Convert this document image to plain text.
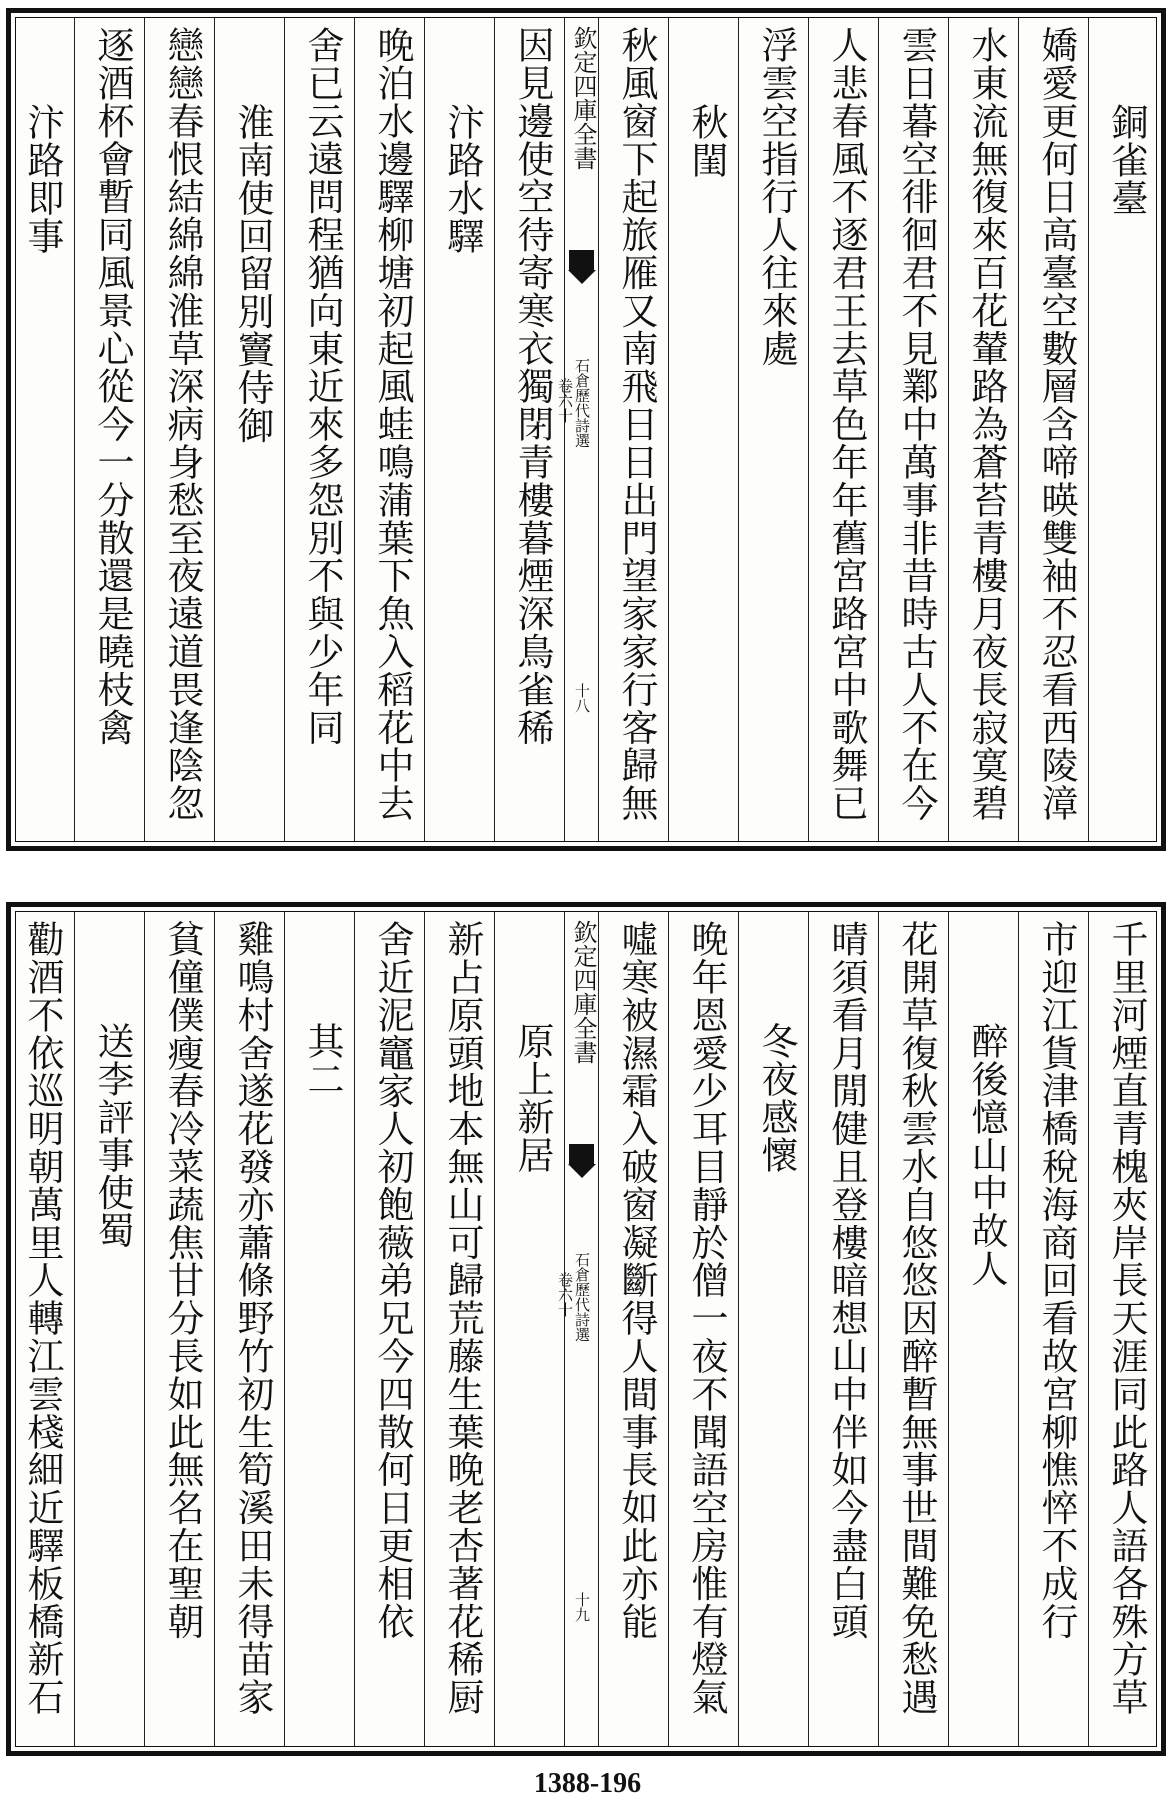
銅雀臺
嬌愛更何日高臺空數層含啼暎雙袖不忍看西陵漳
水東流無復來百花輦路為蒼苔青樓月夜長寂寞碧
雲日暮空徘徊君不見鄴中萬事非昔時古人不在今
人悲春風不逐君王去草色年年舊宮路宮中歌舞已
浮雲空指行人往來處
秋閨
秋風窗下起旅雁又南飛日日出門望家家行客歸無
欽定四庫全書
石倉歷代詩選
卷六十
十八
因見邊使空待寄寒衣獨閉青樓暮煙深鳥雀稀
汴路水驛
晚泊水邊驛柳塘初起風蛙鳴蒲葉下魚入稻花中去
舍已云遠問程猶向東近來多怨別不與少年同
淮南使回留別竇侍御
戀戀春恨結綿綿淮草深病身愁至夜遠道畏逢陰忽
逐酒杯會暫同風景心從今一分散還是曉枝禽
汴路即事
千里河煙直青槐夾岸長天涯同此路人語各殊方草
市迎江貨津橋稅海商回看故宮柳憔悴不成行
醉後憶山中故人
花開草復秋雲水自悠悠因醉暫無事世間難免愁遇
晴須看月閒健且登樓暗想山中伴如今盡白頭
冬夜感懷
晚年恩愛少耳目靜於僧一夜不聞語空房惟有燈氣
噓寒被濕霜入破窗凝斷得人間事長如此亦能
欽定四庫全書
石倉歷代詩選
卷六十
十九
原上新居
新占原頭地本無山可歸荒藤生葉晚老杏著花稀厨
舍近泥竈家人初飽薇弟兄今四散何日更相依
其二
雞鳴村舍遂花發亦蕭條野竹初生筍溪田未得苗家
貧僮僕瘦春冷菜蔬焦甘分長如此無名在聖朝
送李評事使蜀
勸酒不依巡明朝萬里人轉江雲棧細近驛板橋新石
1388-196
